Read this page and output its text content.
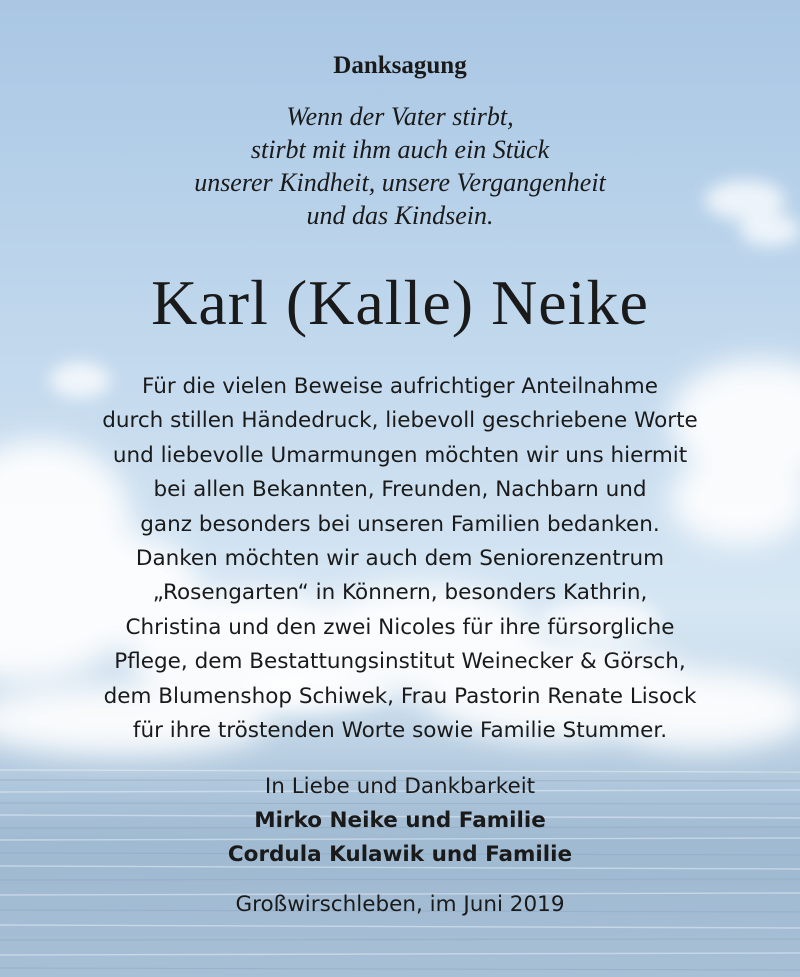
Danksagung
Wenn der Vater stirbt,
stirbt mit ihm auch ein Stück
unserer Kindheit, unsere Vergangenheit
und das Kindsein.
Karl (Kalle) Neike
Für die vielen Beweise aufrichtiger Anteilnahme
durch stillen Händedruck, liebevoll geschriebene Worte
und liebevolle Umarmungen möchten wir uns hiermit
bei allen Bekannten, Freunden, Nachbarn und
ganz besonders bei unseren Familien bedanken.
Danken möchten wir auch dem Seniorenzentrum
„Rosengarten“ in Könnern, besonders Kathrin,
Christina und den zwei Nicoles für ihre fürsorgliche
Pflege, dem Bestattungsinstitut Weinecker & Görsch,
dem Blumenshop Schiwek, Frau Pastorin Renate Lisock
für ihre tröstenden Worte sowie Familie Stummer.
In Liebe und Dankbarkeit
Mirko Neike und Familie
Cordula Kulawik und Familie
Großwirschleben, im Juni 2019
